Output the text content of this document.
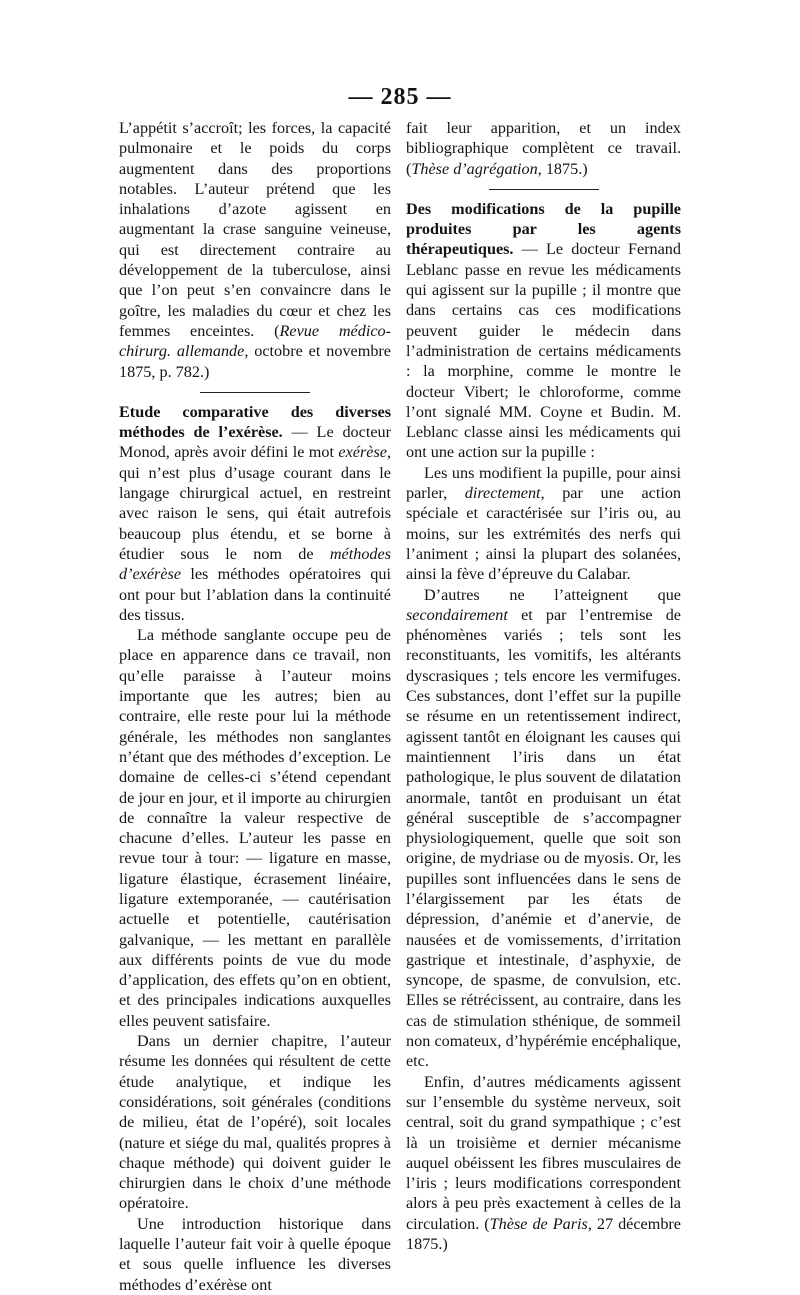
— 285 —

L’appétit s’accroît; les forces, la capacité pulmonaire et le poids du corps augmentent dans des proportions notables. L’auteur prétend que les inhalations d’azote agissent en augmentant la crase sanguine veineuse, qui est directement contraire au développement de la tuberculose, ainsi que l’on peut s’en convaincre dans le goître, les maladies du cœur et chez les femmes enceintes. (Revue médico-chirurg. allemande, octobre et novembre 1875, p. 782.)

Etude comparative des diverses méthodes de l’exérèse. — Le docteur Monod, après avoir défini le mot exérèse, qui n’est plus d’usage courant dans le langage chirurgical actuel, en restreint avec raison le sens, qui était autrefois beaucoup plus étendu, et se borne à étudier sous le nom de méthodes d’exérèse les méthodes opératoires qui ont pour but l’ablation dans la continuité des tissus.

La méthode sanglante occupe peu de place en apparence dans ce travail, non qu’elle paraisse à l’auteur moins importante que les autres; bien au contraire, elle reste pour lui la méthode générale, les méthodes non sanglantes n’étant que des méthodes d’exception. Le domaine de celles-ci s’étend cependant de jour en jour, et il importe au chirurgien de connaître la valeur respective de chacune d’elles. L’auteur les passe en revue tour à tour: — ligature en masse, ligature élastique, écrasement linéaire, ligature extemporanée, — cautérisation actuelle et potentielle, cautérisation galvanique, — les mettant en parallèle aux différents points de vue du mode d’application, des effets qu’on en obtient, et des principales indications auxquelles elles peuvent satisfaire.

Dans un dernier chapitre, l’auteur résume les données qui résultent de cette étude analytique, et indique les considérations, soit générales (conditions de milieu, état de l’opéré), soit locales (nature et siége du mal, qualités propres à chaque méthode) qui doivent guider le chirurgien dans le choix d’une méthode opératoire.

Une introduction historique dans laquelle l’auteur fait voir à quelle époque et sous quelle influence les diverses méthodes d’exérèse ont

fait leur apparition, et un index bibliographique complètent ce travail. (Thèse d’agrégation, 1875.)

Des modifications de la pupille produites par les agents thérapeutiques. — Le docteur Fernand Leblanc passe en revue les médicaments qui agissent sur la pupille ; il montre que dans certains cas ces modifications peuvent guider le médecin dans l’administration de certains médicaments : la morphine, comme le montre le docteur Vibert; le chloroforme, comme l’ont signalé MM. Coyne et Budin. M. Leblanc classe ainsi les médicaments qui ont une action sur la pupille :

Les uns modifient la pupille, pour ainsi parler, directement, par une action spéciale et caractérisée sur l’iris ou, au moins, sur les extrémités des nerfs qui l’animent ; ainsi la plupart des solanées, ainsi la fève d’épreuve du Calabar.

D’autres ne l’atteignent que secondairement et par l’entremise de phénomènes variés ; tels sont les reconstituants, les vomitifs, les altérants dyscrasiques ; tels encore les vermifuges. Ces substances, dont l’effet sur la pupille se résume en un retentissement indirect, agissent tantôt en éloignant les causes qui maintiennent l’iris dans un état pathologique, le plus souvent de dilatation anormale, tantôt en produisant un état général susceptible de s’accompagner physiologiquement, quelle que soit son origine, de mydriase ou de myosis. Or, les pupilles sont influencées dans le sens de l’élargissement par les états de dépression, d’anémie et d’anervie, de nausées et de vomissements, d’irritation gastrique et intestinale, d’asphyxie, de syncope, de spasme, de convulsion, etc. Elles se rétrécissent, au contraire, dans les cas de stimulation sthénique, de sommeil non comateux, d’hypérémie encéphalique, etc.

Enfin, d’autres médicaments agissent sur l’ensemble du système nerveux, soit central, soit du grand sympathique ; c’est là un troisième et dernier mécanisme auquel obéissent les fibres musculaires de l’iris ; leurs modifications correspondent alors à peu près exactement à celles de la circulation. (Thèse de Paris, 27 décembre 1875.)
